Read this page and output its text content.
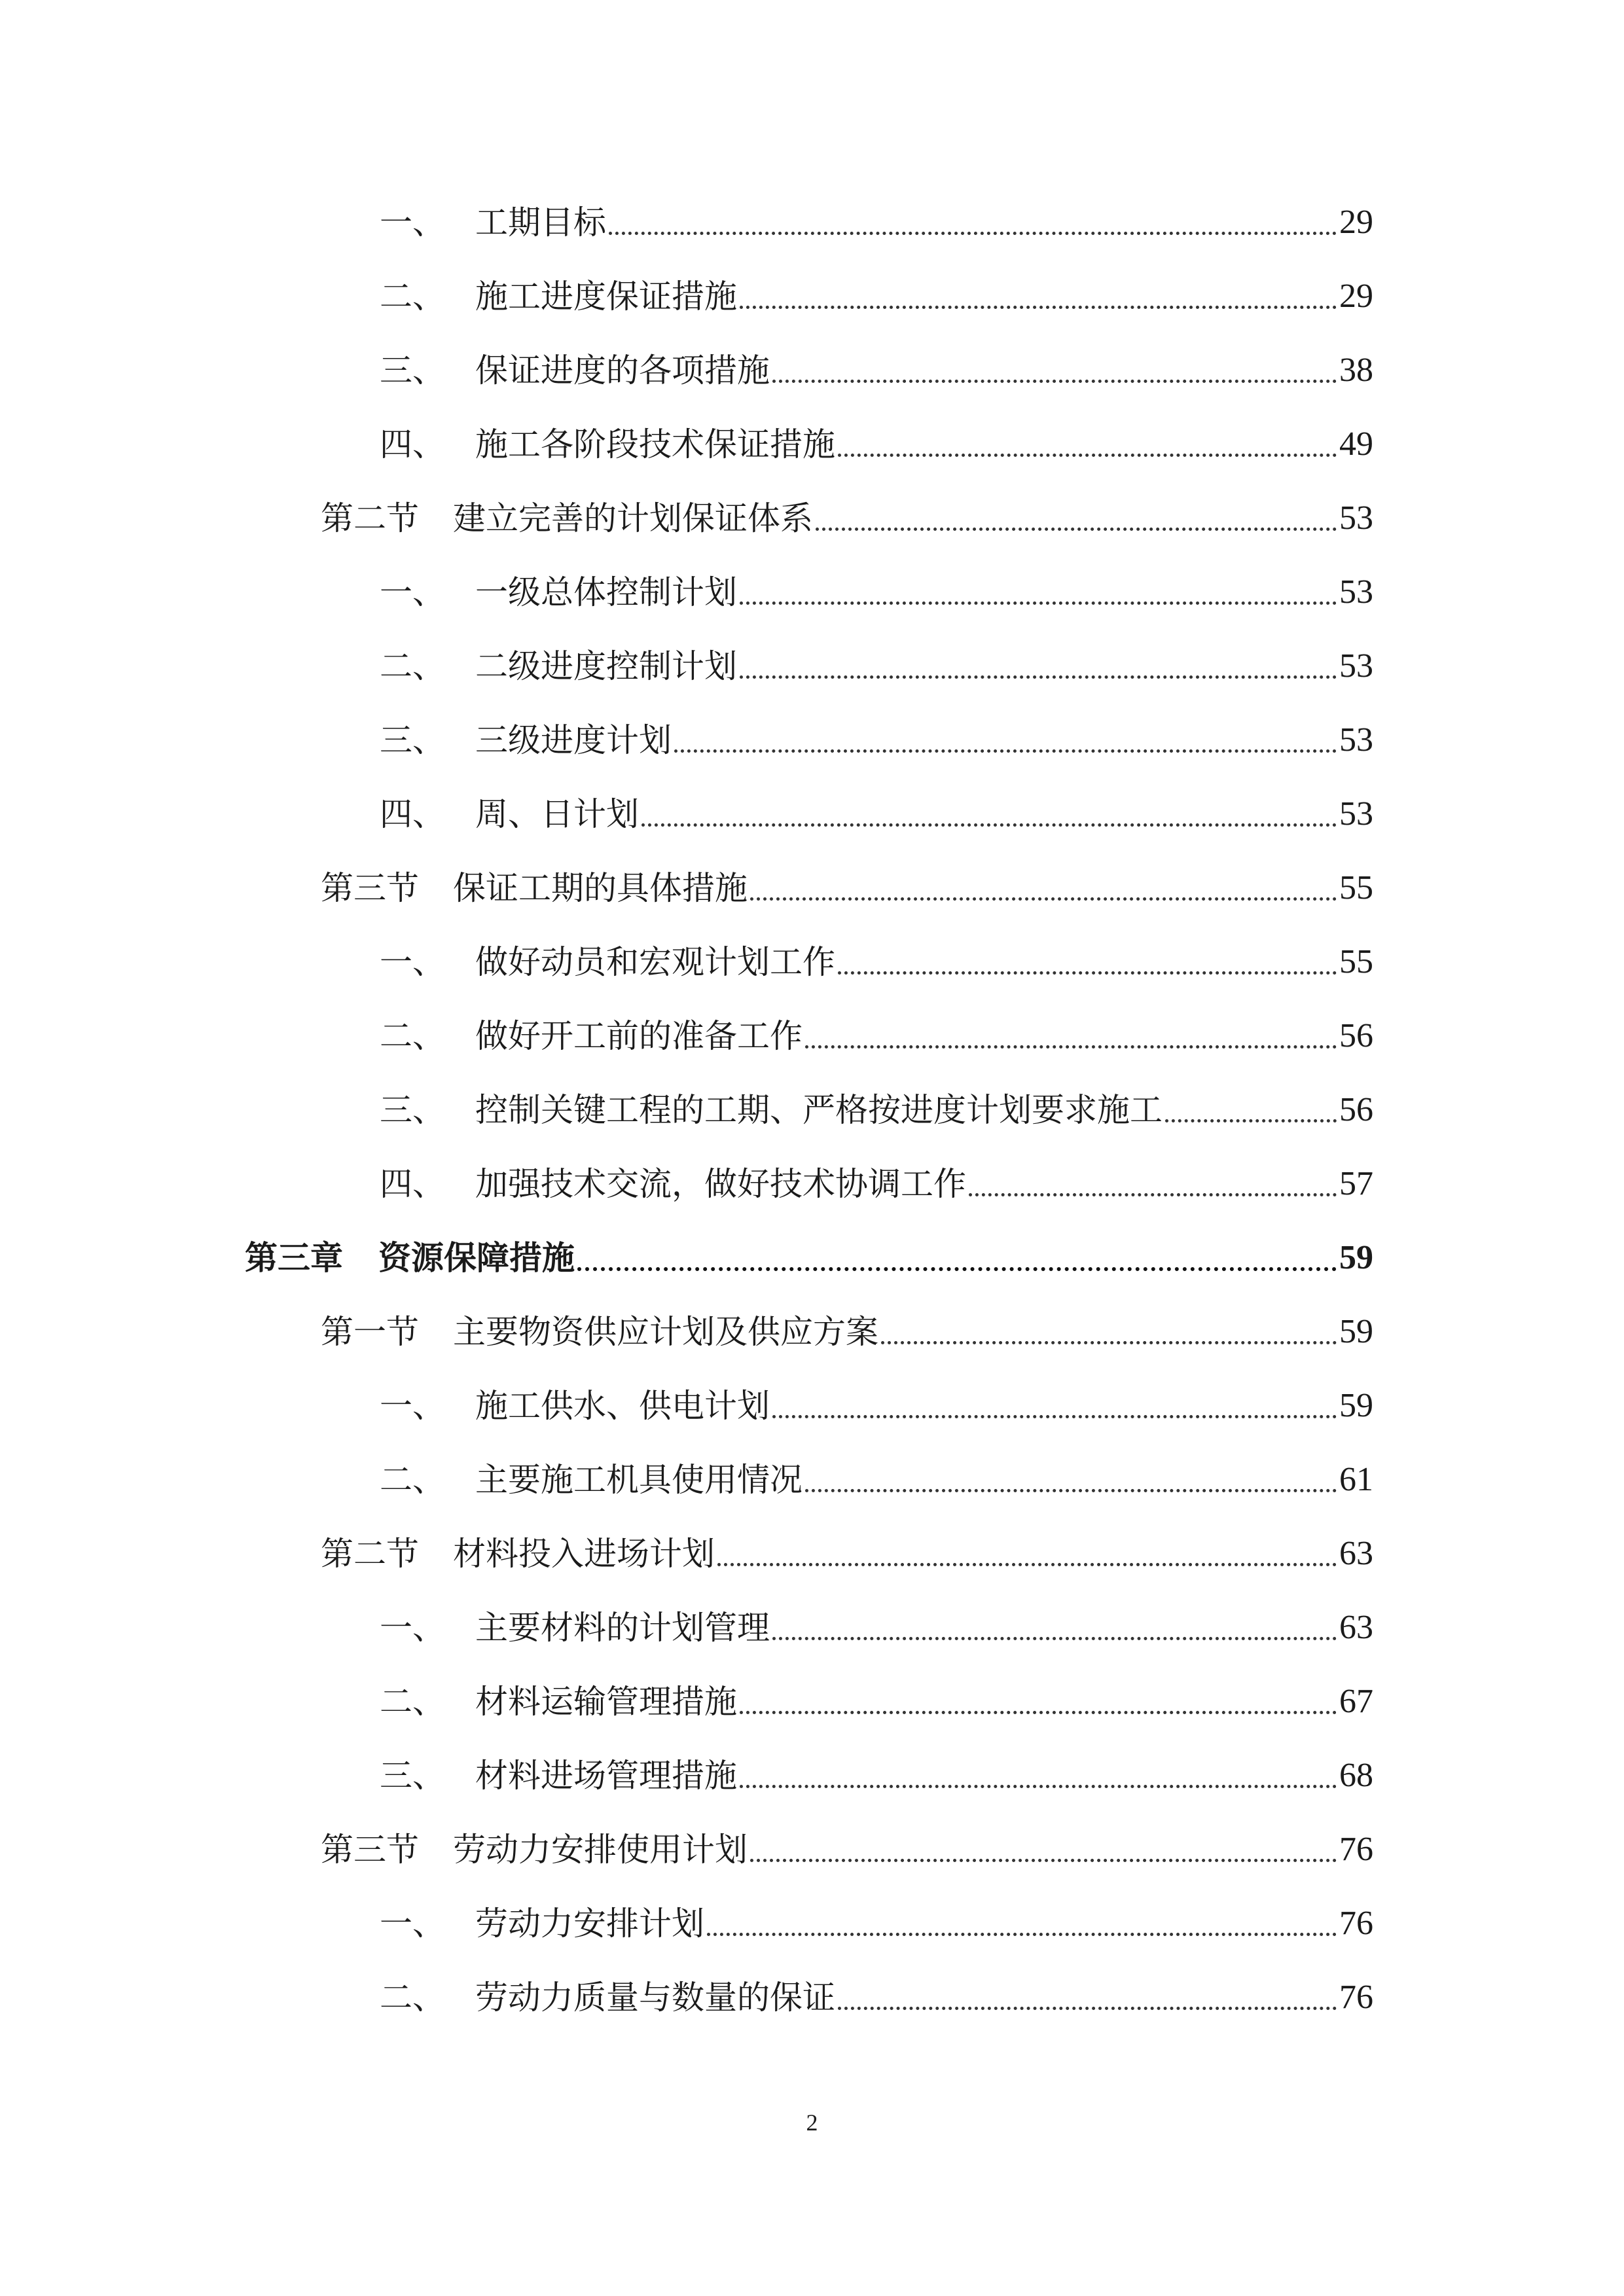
一、 工期目标	29
二、 施工进度保证措施	29
三、 保证进度的各项措施	38
四、 施工各阶段技术保证措施	49
第二节	建立完善的计划保证体系	53
一、 一级总体控制计划	53
二、 二级进度控制计划	53
三、 三级进度计划	53
四、 周、日计划	53
第三节	保证工期的具体措施	55
一、 做好动员和宏观计划工作	55
二、 做好开工前的准备工作	56
三、 控制关键工程的工期、严格按进度计划要求施工	56
四、 加强技术交流，做好技术协调工作	57
第三章	资源保障措施	59
第一节	主要物资供应计划及供应方案	59
一、 施工供水、供电计划	59
二、 主要施工机具使用情况	61
第二节	材料投入进场计划	63
一、 主要材料的计划管理	63
二、 材料运输管理措施	67
三、 材料进场管理措施	68
第三节	劳动力安排使用计划	76
一、 劳动力安排计划	76
二、 劳动力质量与数量的保证	76
2
